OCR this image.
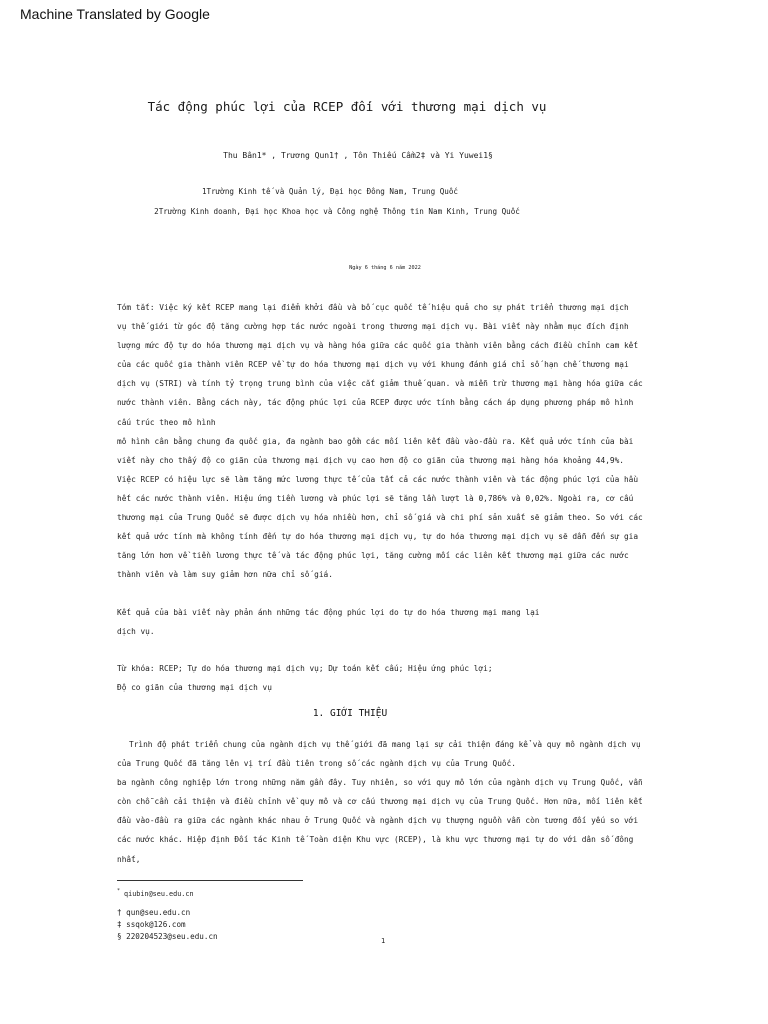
Machine Translated by Google
Tác động phúc lợi của RCEP đối với thương mại dịch vụ
Thu Bân1* , Trương Qun1† , Tôn Thiếu Cầm2‡ và Yi Yuwei1§
1Trường Kinh tế và Quản lý, Đại học Đông Nam, Trung Quốc
2Trường Kinh doanh, Đại học Khoa học và Công nghệ Thông tin Nam Kinh, Trung Quốc
Ngày 6 tháng 6 năm 2022

Tóm tắt: Việc ký kết RCEP mang lại điểm khởi đầu và bố cục quốc tế hiệu quả cho sự phát triển thương mại dịch

vụ thế giới từ góc độ tăng cường hợp tác nước ngoài trong thương mại dịch vụ. Bài viết này nhằm mục đích định

lượng mức độ tự do hóa thương mại dịch vụ và hàng hóa giữa các quốc gia thành viên bằng cách điều chỉnh cam kết

của các quốc gia thành viên RCEP về tự do hóa thương mại dịch vụ với khung đánh giá chỉ số hạn chế thương mại

dịch vụ (STRI) và tính tỷ trọng trung bình của việc cắt giảm thuế quan. và miễn trừ thương mại hàng hóa giữa các

nước thành viên. Bằng cách này, tác động phúc lợi của RCEP được ước tính bằng cách áp dụng phương pháp mô hình

cấu trúc theo mô hình

mô hình cân bằng chung đa quốc gia, đa ngành bao gồm các mối liên kết đầu vào-đầu ra. Kết quả ước tính của bài

viết này cho thấy độ co giãn của thương mại dịch vụ cao hơn độ co giãn của thương mại hàng hóa khoảng 44,9%.

Việc RCEP có hiệu lực sẽ làm tăng mức lương thực tế của tất cả các nước thành viên và tác động phúc lợi của hầu

hết các nước thành viên. Hiệu ứng tiền lương và phúc lợi sẽ tăng lần lượt là 0,786% và 0,02%. Ngoài ra, cơ cấu

thương mại của Trung Quốc sẽ được dịch vụ hóa nhiều hơn, chỉ số giá và chi phí sản xuất sẽ giảm theo. So với các

kết quả ước tính mà không tính đến tự do hóa thương mại dịch vụ, tự do hóa thương mại dịch vụ sẽ dẫn đến sự gia

tăng lớn hơn về tiền lương thực tế và tác động phúc lợi, tăng cường mối các liên kết thương mại giữa các nước

thành viên và làm suy giảm hơn nữa chỉ số giá.

Kết quả của bài viết này phản ánh những tác động phúc lợi do tự do hóa thương mại mang lại

dịch vụ.

Từ khóa: RCEP; Tự do hóa thương mại dịch vụ; Dự toán kết cấu; Hiệu ứng phúc lợi;

Độ co giãn của thương mại dịch vụ

1. GIỚI THIỆU

Trình độ phát triển chung của ngành dịch vụ thế giới đã mang lại sự cải thiện đáng kể và quy mô ngành dịch vụ

của Trung Quốc đã tăng lên vị trí đầu tiên trong số các ngành dịch vụ của Trung Quốc.

ba ngành công nghiệp lớn trong những năm gần đây. Tuy nhiên, so với quy mô lớn của ngành dịch vụ Trung Quốc, vẫn

còn chỗ cần cải thiện và điều chỉnh về quy mô và cơ cấu thương mại dịch vụ của Trung Quốc. Hơn nữa, mối liên kết

đầu vào-đầu ra giữa các ngành khác nhau ở Trung Quốc và ngành dịch vụ thượng nguồn vẫn còn tương đối yếu so với

các nước khác. Hiệp định Đối tác Kinh tế Toàn diện Khu vực (RCEP), là khu vực thương mại tự do với dân số đông

nhất,

* qiubin@seu.edu.cn

† qun@seu.edu.cn

‡ ssqok@126.com

§ 220204523@seu.edu.cn	1
